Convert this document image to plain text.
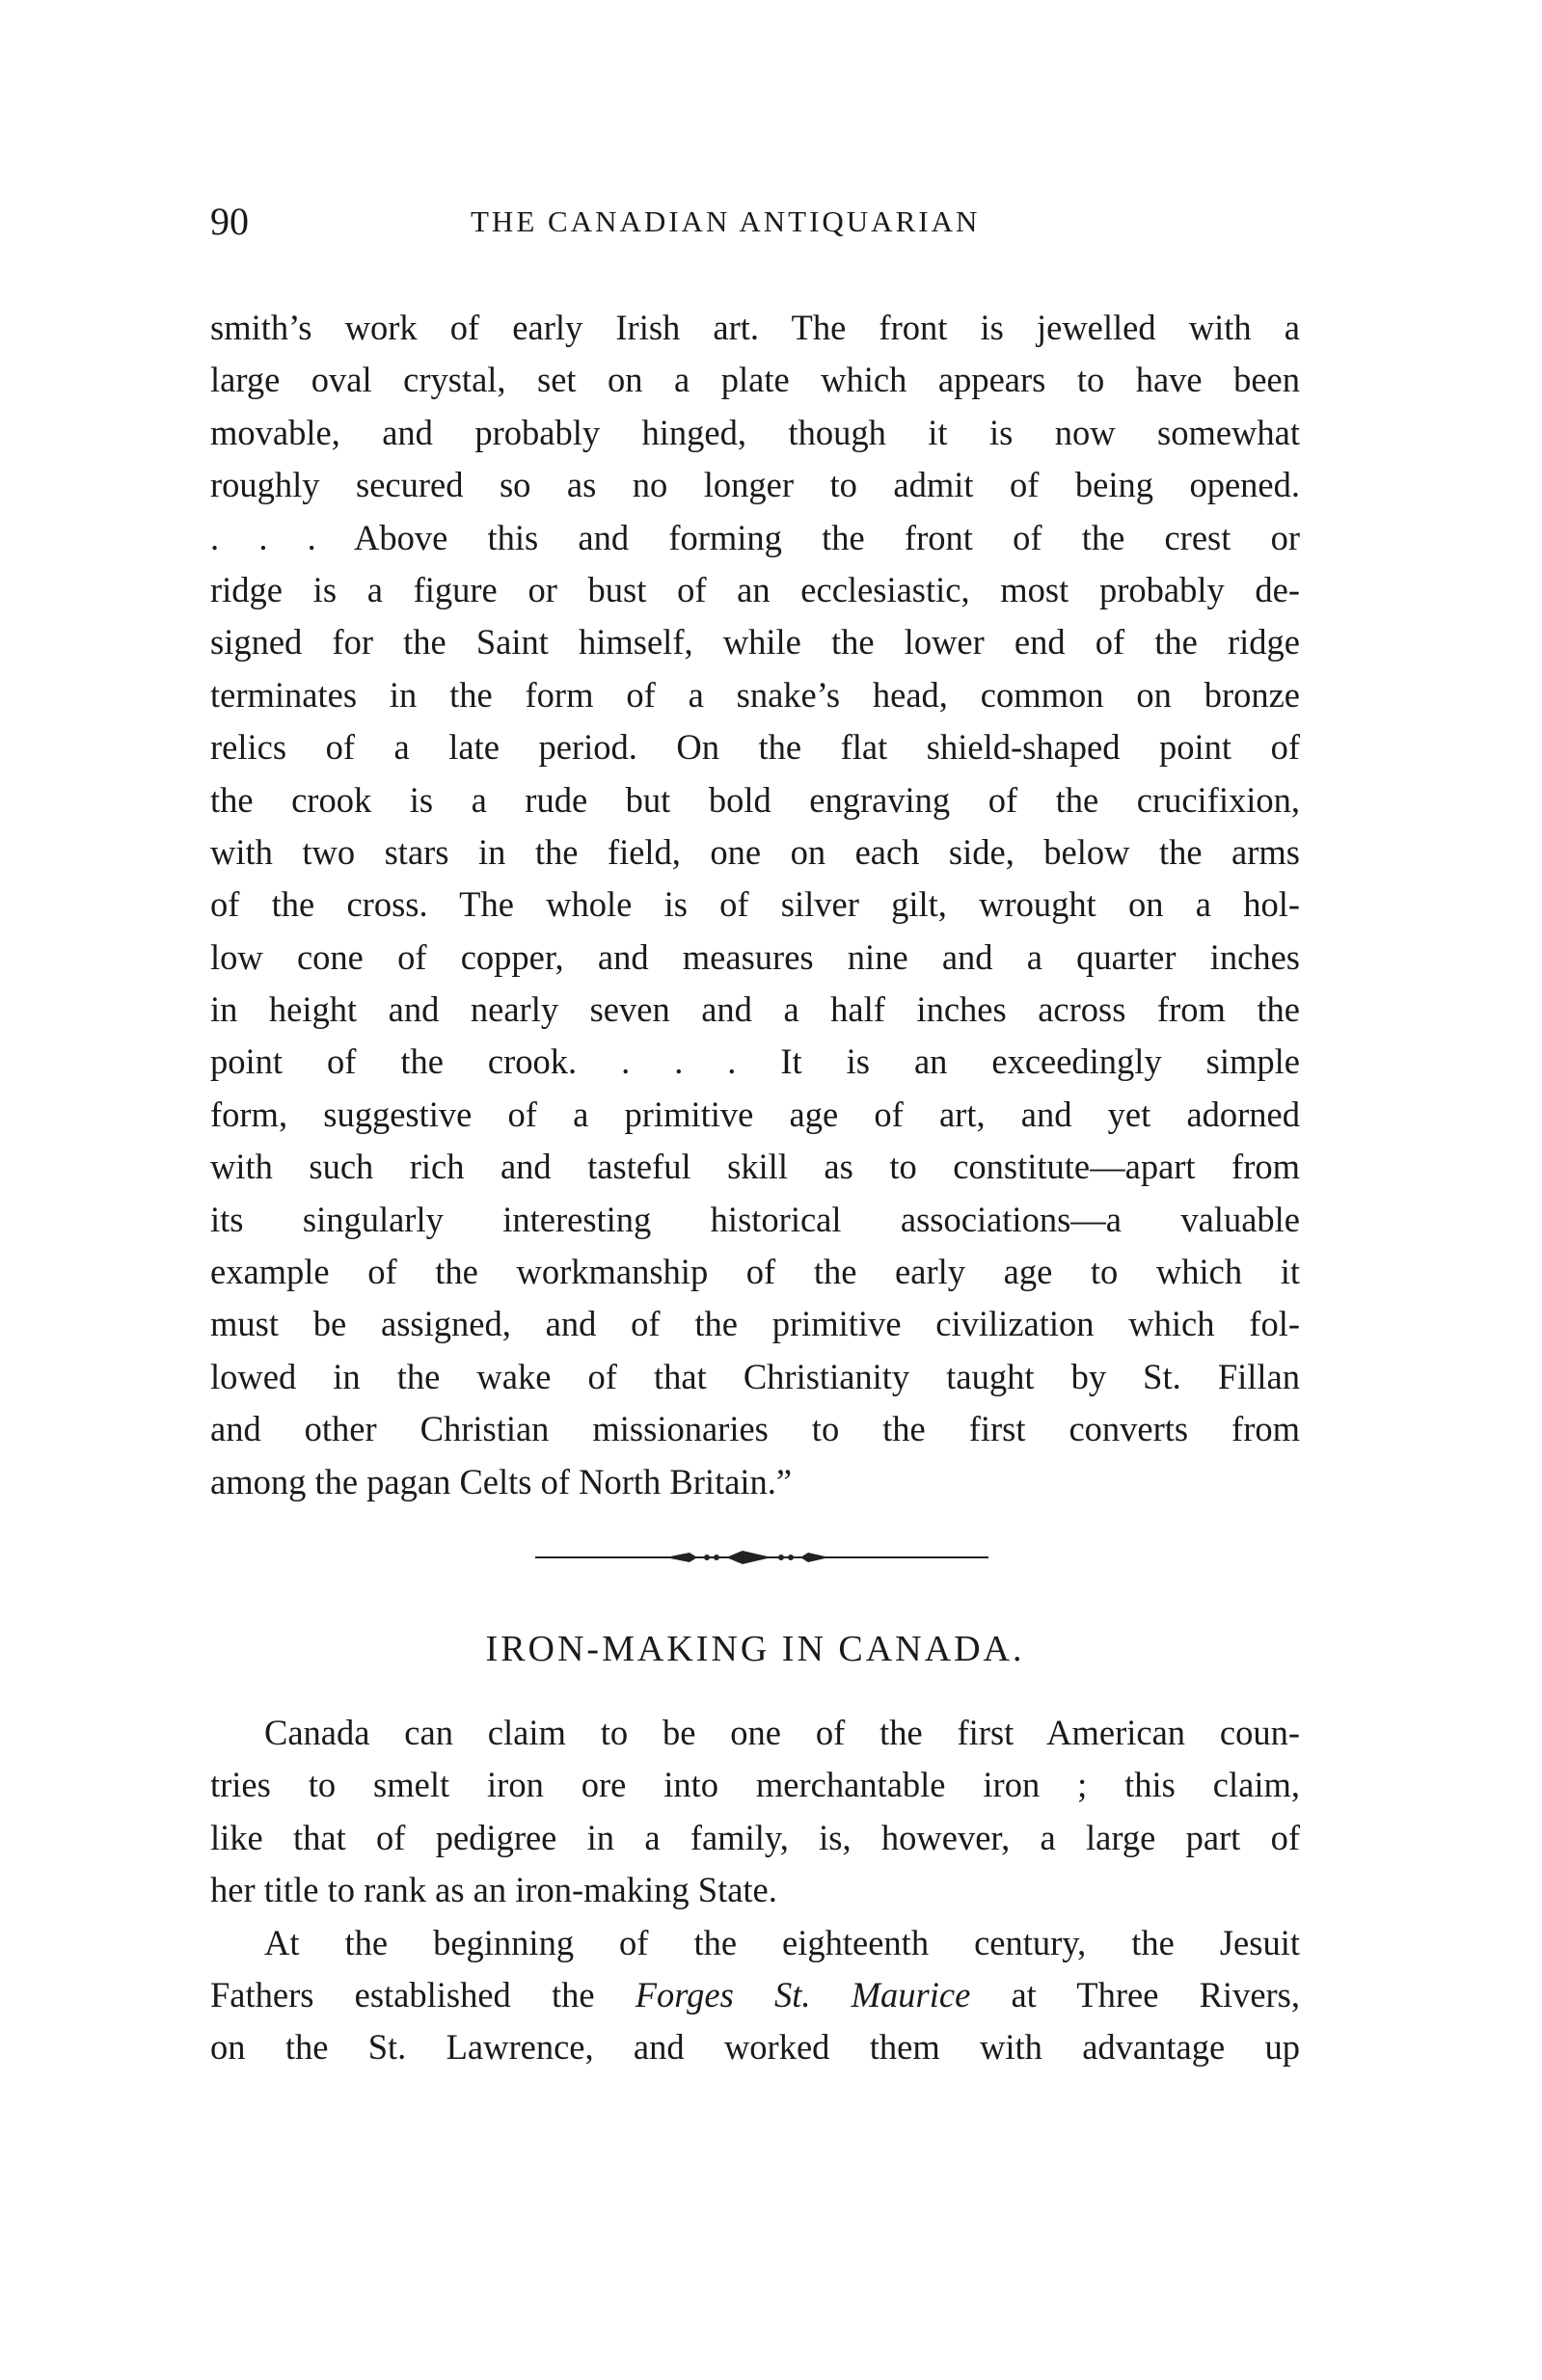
90	THE CANADIAN ANTIQUARIAN
smith’s work of early Irish art. The front is jewelled with a
large oval crystal, set on a plate which appears to have been
movable, and probably hinged, though it is now somewhat
roughly secured so as no longer to admit of being opened.
. . . Above this and forming the front of the crest or
ridge is a figure or bust of an ecclesiastic, most probably de-
signed for the Saint himself, while the lower end of the ridge
terminates in the form of a snake’s head, common on bronze
relics of a late period. On the flat shield-shaped point of
the crook is a rude but bold engraving of the crucifixion,
with two stars in the field, one on each side, below the arms
of the cross. The whole is of silver gilt, wrought on a hol-
low cone of copper, and measures nine and a quarter inches
in height and nearly seven and a half inches across from the
point of the crook. . . . It is an exceedingly simple
form, suggestive of a primitive age of art, and yet adorned
with such rich and tasteful skill as to constitute—apart from
its singularly interesting historical associations—a valuable
example of the workmanship of the early age to which it
must be assigned, and of the primitive civilization which fol-
lowed in the wake of that Christianity taught by St. Fillan
and other Christian missionaries to the first converts from
among the pagan Celts of North Britain.”
IRON-MAKING IN CANADA.
Canada can claim to be one of the first American coun-
tries to smelt iron ore into merchantable iron ; this claim,
like that of pedigree in a family, is, however, a large part of
her title to rank as an iron-making State.
At the beginning of the eighteenth century, the Jesuit
Fathers established the Forges St. Maurice at Three Rivers,
on the St. Lawrence, and worked them with advantage up
